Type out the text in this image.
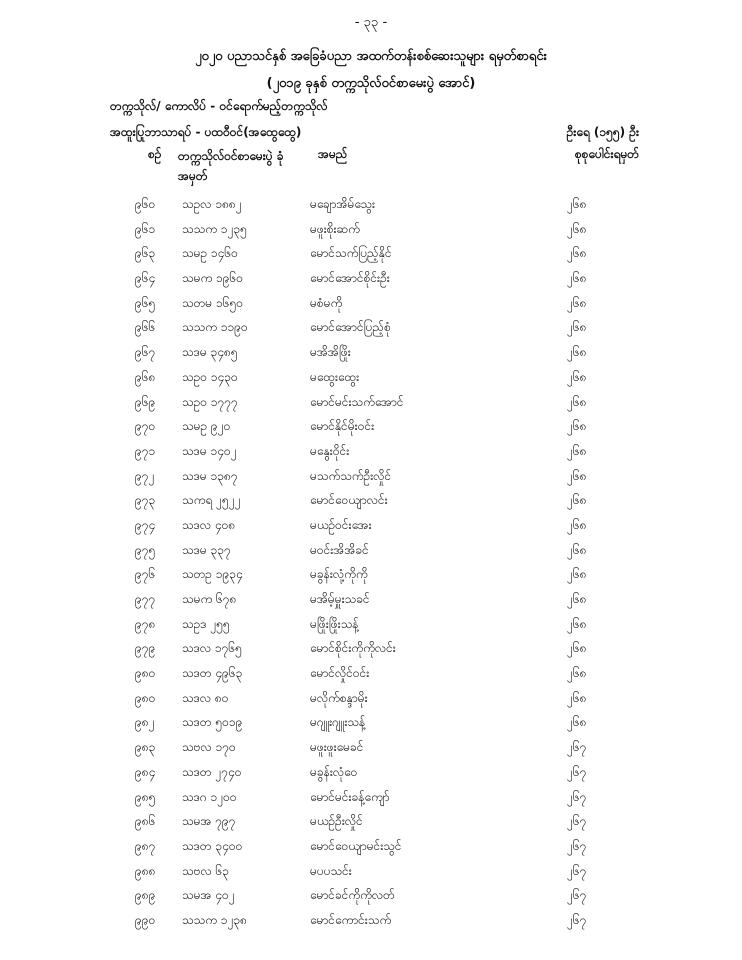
- ၃၃ -
၂၀၂၀ ပညာသင်နှစ် အခြေခံပညာ အထက်တန်းစစ်ဆေးသူများ ရမှတ်စာရင်း
(၂၀၁၉ ခုနှစ် တက္ကသိုလ်ဝင်စာမေးပွဲ အောင်)
တက္ကသိုလ်/ ကောလိပ် - ဝင်ရောက်မည့်တက္ကသိုလ်
အထူးပြုဘာသာရပ် - ပထဝီဝင်(အထွေထွေ)	ဦးရေ (၁၅၅) ဦး
စဉ် တက္ကသိုလ်ဝင်စာမေးပွဲ ခုံအမှတ်
အမည်	စုစုပေါင်းရမှတ်
၉၆၀ သဥလ ၁၈၈၂	မချောအိမ်သွေး	၂၆၈
၉၆၁ သသက ၁၂၃၅	မဖူးစိုးဆက်	၂၆၈
၉၆၃ သမဥ ၁၄၆၀	မောင်သက်ပြည့်နိုင်	၂၆၈
၉၆၄ သမက ၁၉၆၀	မောင်အောင်စိုင်းဦး	၂၆၈
၉၆၅ သတမ ၁၆၅၀	မစံမကို	၂၆၈
၉၆၆ သသက ၁၁၉၀	မောင်အောင်ပြည့်စုံ	၂၆၈
၉၆၇ သဒမ ၃၄၈၅	မအိအိဖြိုး	၂၆၈
၉၆၈ သဥဝ ၁၄၃၀	မထွေးထွေး	၂၆၈
၉၆၉ သဥဝ ၁၇၇၇	မောင်မင်းသက်အောင်	၂၆၈
၉၇၀ သမဥ ၉၂၀	မောင်နိုင်မိုးဝင်း	၂၆၈
၉၇၁ သဒမ ၁၄၀၂	မနွေးဝိုင်း	၂၆၈
၉၇၂ သဒမ ၁၃၈၇	မသက်သက်ဦးလှိုင်	၂၆၈
၉၇၃ သကရ ၂၅၂၂	မောင်ဝေယျာလင်း	၂၆၈
၉၇၄ သဒလ ၄၀၈	မယဉ်ဝင်းအေး	၂၆၈
၉၇၅ သဒမ ၃၃၇	မဝင်းအိအိခင်	၂၆၈
၉၇၆ သတဥ ၁၉၃၄	မခွန်းလုံ့ကိုကို	၂၆၈
၉၇၇ သမက ၆၇၈	မအိမ့်မှူးသခင်	၂၆၈
၉၇၈ သဥဒ ၂၅၅	မဖြိုးဖြိုးသန့်	၂၆၈
၉၇၉ သဒလ ၁၇၆၅	မောင်စိုင်းကိုကိုလင်း	၂၆၈
၉၈၀ သဒတ ၄၉၆၃	မောင်လှိုင်ဝင်း	၂၆၈
၉၈၀ သဒလ ၈၀	မလိုက်စန္ဒာမိုး	၂၆၈
၉၈၂ သဒတ ၅၀၁၉	မဂျူးဂျူးသန့်	၂၆၈
၉၈၃ သဗလ ၁၇၀	မဖူးဖူးမေခင်	၂၆၇
၉၈၄ သဒတ ၂၇၄၀	မခွန်းလုံဝေ	၂၆၇
၉၈၅ သဒဂ ၁၂၀၀	မောင်မင်းခန့်ကျော်	၂၆၇
၉၈၆ သမအ ၇၉၇	မယဉ်ဦးလှိုင်	၂၆၇
၉၈၇ သဒတ ၃၄၀၀	မောင်ဝေယျာမင်းသွင်	၂၆၇
၉၈၈ သဗလ ၆၃	မပပသင်း	၂၆၇
၉၈၉ သမအ ၄၀၂	မောင်ခင်ကိုကိုလတ်	၂၆၇
၉၉၀ သသက ၁၂၃၈	မောင်ကောင်းသက်	၂၆၇
